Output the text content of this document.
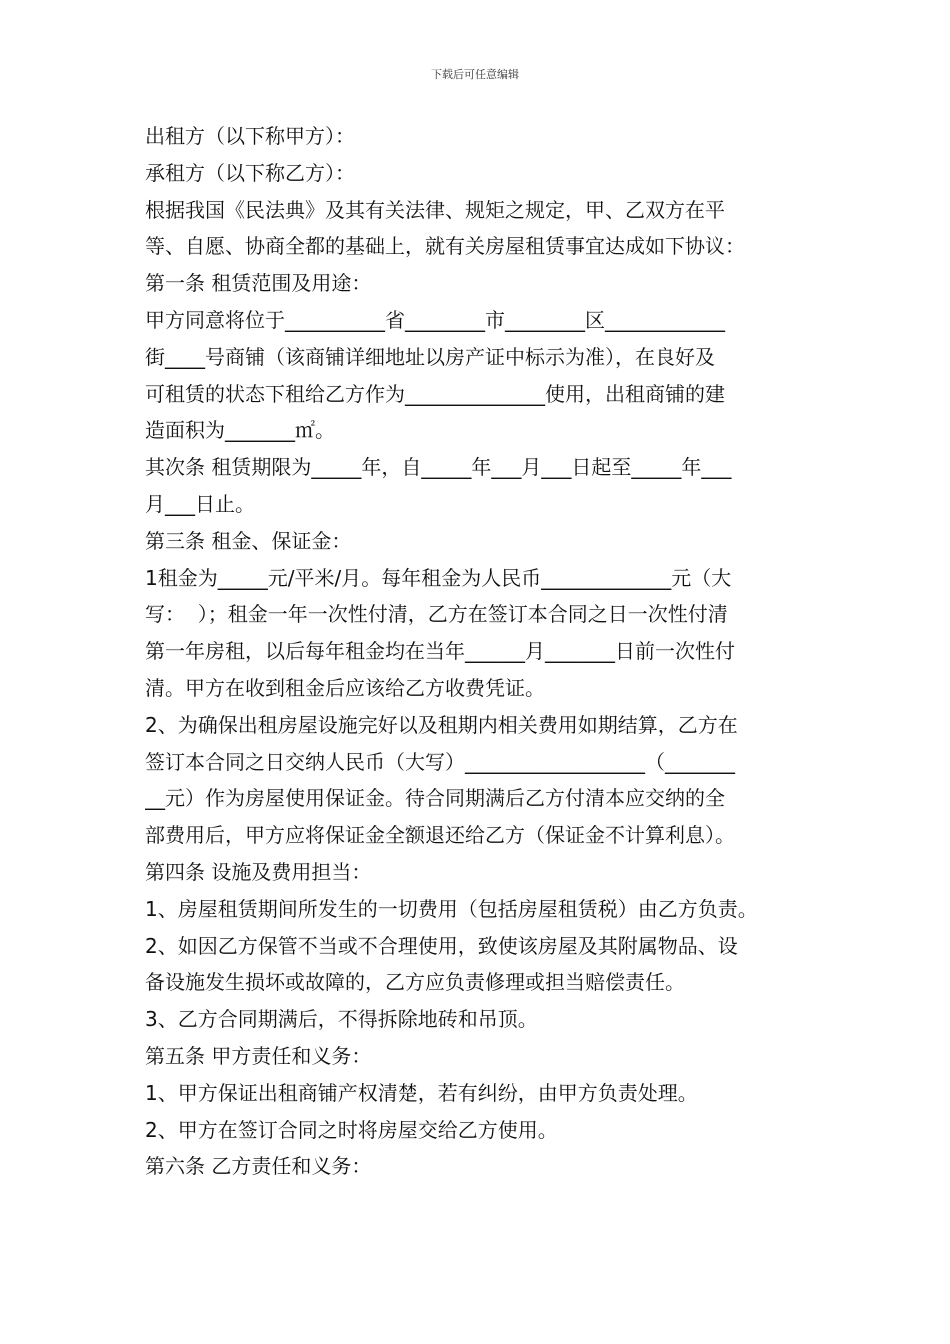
下载后可任意编辑
出租方（以下称甲方）：
承租方（以下称乙方）：
根据我国《民法典》及其有关法律、规矩之规定，甲、乙双方在平
等、自愿、协商全都的基础上，就有关房屋租赁事宜达成如下协议：
第一条 租赁范围及用途：
甲方同意将位于__________省________市________区____________
街____号商铺（该商铺详细地址以房产证中标示为准），在良好及
可租赁的状态下租给乙方作为______________使用，出租商铺的建
造面积为_______㎡。
其次条 租赁期限为_____年，自_____年___月___日起至_____年___
月___日止。
第三条 租金、保证金：
1租金为_____元/平米/月。每年租金为人民币_____________元（大
写：  ）；租金一年一次性付清，乙方在签订本合同之日一次性付清
第一年房租，以后每年租金均在当年______月_______日前一次性付
清。甲方在收到租金后应该给乙方收费凭证。
2、为确保出租房屋设施完好以及租期内相关费用如期结算，乙方在
签订本合同之日交纳人民币（大写）__________________（_______
__元）作为房屋使用保证金。待合同期满后乙方付清本应交纳的全
部费用后，甲方应将保证金全额退还给乙方（保证金不计算利息）。
第四条 设施及费用担当：
1、房屋租赁期间所发生的一切费用（包括房屋租赁税）由乙方负责。
2、如因乙方保管不当或不合理使用，致使该房屋及其附属物品、设
备设施发生损坏或故障的，乙方应负责修理或担当赔偿责任。
3、乙方合同期满后，不得拆除地砖和吊顶。
第五条 甲方责任和义务：
1、甲方保证出租商铺产权清楚，若有纠纷，由甲方负责处理。
2、甲方在签订合同之时将房屋交给乙方使用。
第六条 乙方责任和义务：
